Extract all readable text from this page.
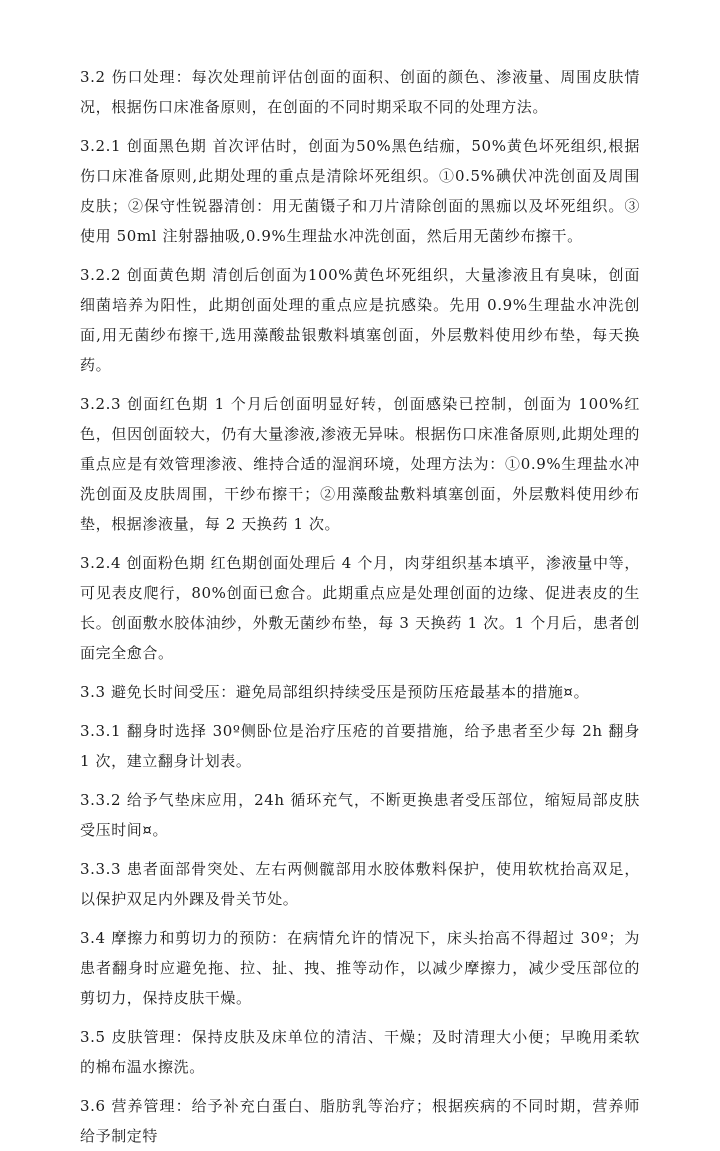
3.2 伤口处理：每次处理前评估创面的面积、创面的颜色、渗液量、周围皮肤情况，根据伤口床准备原则，在创面的不同时期采取不同的处理方法。

3.2.1 创面黑色期 首次评估时，创面为50%黑色结痂，50%黄色坏死组织,根据伤口床准备原则,此期处理的重点是清除坏死组织。①0.5%碘伏冲洗创面及周围皮肤；②保守性锐器清创：用无菌镊子和刀片清除创面的黑痂以及坏死组织。③使用 50ml 注射器抽吸,0.9%生理盐水冲洗创面，然后用无菌纱布擦干。

3.2.2 创面黄色期 清创后创面为100%黄色坏死组织，大量渗液且有臭味，创面细菌培养为阳性，此期创面处理的重点应是抗感染。先用 0.9%生理盐水冲洗创面,用无菌纱布擦干,选用藻酸盐银敷料填塞创面，外层敷料使用纱布垫，每天换药。

3.2.3 创面红色期 1 个月后创面明显好转，创面感染已控制，创面为 100%红色，但因创面较大，仍有大量渗液,渗液无异味。根据伤口床准备原则,此期处理的重点应是有效管理渗液、维持合适的湿润环境，处理方法为：①0.9%生理盐水冲洗创面及皮肤周围，干纱布擦干；②用藻酸盐敷料填塞创面，外层敷料使用纱布垫，根据渗液量，每 2 天换药 1 次。

3.2.4 创面粉色期 红色期创面处理后 4 个月，肉芽组织基本填平，渗液量中等，可见表皮爬行，80%创面已愈合。此期重点应是处理创面的边缘、促进表皮的生长。创面敷水胶体油纱，外敷无菌纱布垫，每 3 天换药 1 次。1 个月后，患者创面完全愈合。

3.3 避免长时间受压：避免局部组织持续受压是预防压疮最基本的措施¤。

3.3.1 翻身时选择 30º侧卧位是治疗压疮的首要措施，给予患者至少每 2h 翻身 1 次，建立翻身计划表。

3.3.2 给予气垫床应用，24h 循环充气，不断更换患者受压部位，缩短局部皮肤受压时间¤。

3.3.3 患者面部骨突处、左右两侧髋部用水胶体敷料保护，使用软枕抬高双足，以保护双足内外踝及骨关节处。

3.4 摩擦力和剪切力的预防：在病情允许的情况下，床头抬高不得超过 30º；为患者翻身时应避免拖、拉、扯、拽、推等动作，以减少摩擦力，减少受压部位的剪切力，保持皮肤干燥。

3.5 皮肤管理：保持皮肤及床单位的清洁、干燥；及时清理大小便；早晚用柔软的棉布温水擦洗。

3.6 营养管理：给予补充白蛋白、脂肪乳等治疗；根据疾病的不同时期，营养师给予制定特
